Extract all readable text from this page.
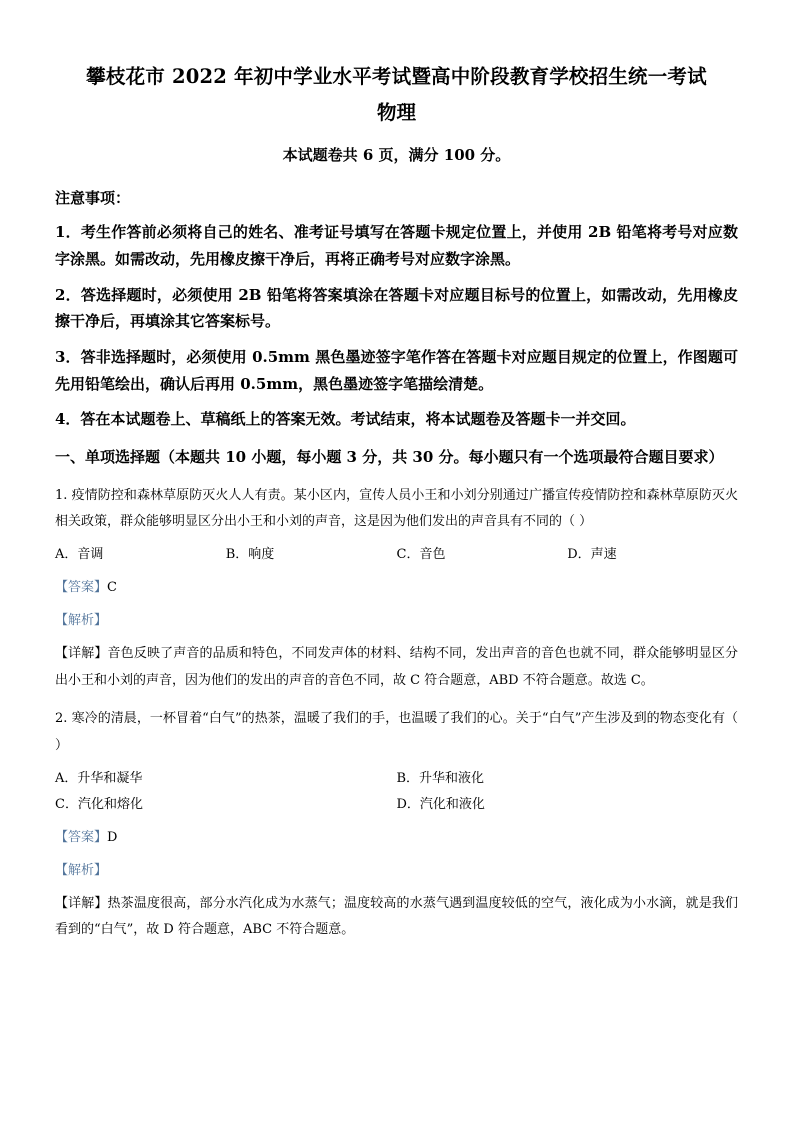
攀枝花市 2022 年初中学业水平考试暨高中阶段教育学校招生统一考试
物理

本试题卷共 6 页，满分 100 分。

注意事项：

1．考生作答前必须将自己的姓名、准考证号填写在答题卡规定位置上，并使用 2B 铅笔将考号对应数字涂黑。如需改动，先用橡皮擦干净后，再将正确考号对应数字涂黑。

2．答选择题时，必须使用 2B 铅笔将答案填涂在答题卡对应题目标号的位置上，如需改动，先用橡皮擦干净后，再填涂其它答案标号。

3．答非选择题时，必须使用 0.5mm 黑色墨迹签字笔作答在答题卡对应题目规定的位置上，作图题可先用铅笔绘出，确认后再用 0.5mm，黑色墨迹签字笔描绘清楚。

4．答在本试题卷上、草稿纸上的答案无效。考试结束，将本试题卷及答题卡一并交回。

一、单项选择题（本题共 10 小题，每小题 3 分，共 30 分。每小题只有一个选项最符合题目要求）

1. 疫情防控和森林草原防灭火人人有责。某小区内，宣传人员小王和小刘分别通过广播宣传疫情防控和森林草原防灭火相关政策，群众能够明显区分出小王和小刘的声音，这是因为他们发出的声音具有不同的（ ）

A．音调	B．响度	C．音色	D．声速

【答案】C

【解析】

【详解】音色反映了声音的品质和特色，不同发声体的材料、结构不同，发出声音的音色也就不同，群众能够明显区分出小王和小刘的声音，因为他们的发出的声音的音色不同，故 C 符合题意，ABD 不符合题意。故选 C。

2. 寒冷的清晨，一杯冒着“白气”的热茶，温暖了我们的手，也温暖了我们的心。关于“白气”产生涉及到的物态变化有（ ）

A．升华和凝华	B．升华和液化
C．汽化和熔化	D．汽化和液化

【答案】D

【解析】

【详解】热茶温度很高，部分水汽化成为水蒸气；温度较高的水蒸气遇到温度较低的空气，液化成为小水滴，就是我们看到的“白气”，故 D 符合题意，ABC 不符合题意。
